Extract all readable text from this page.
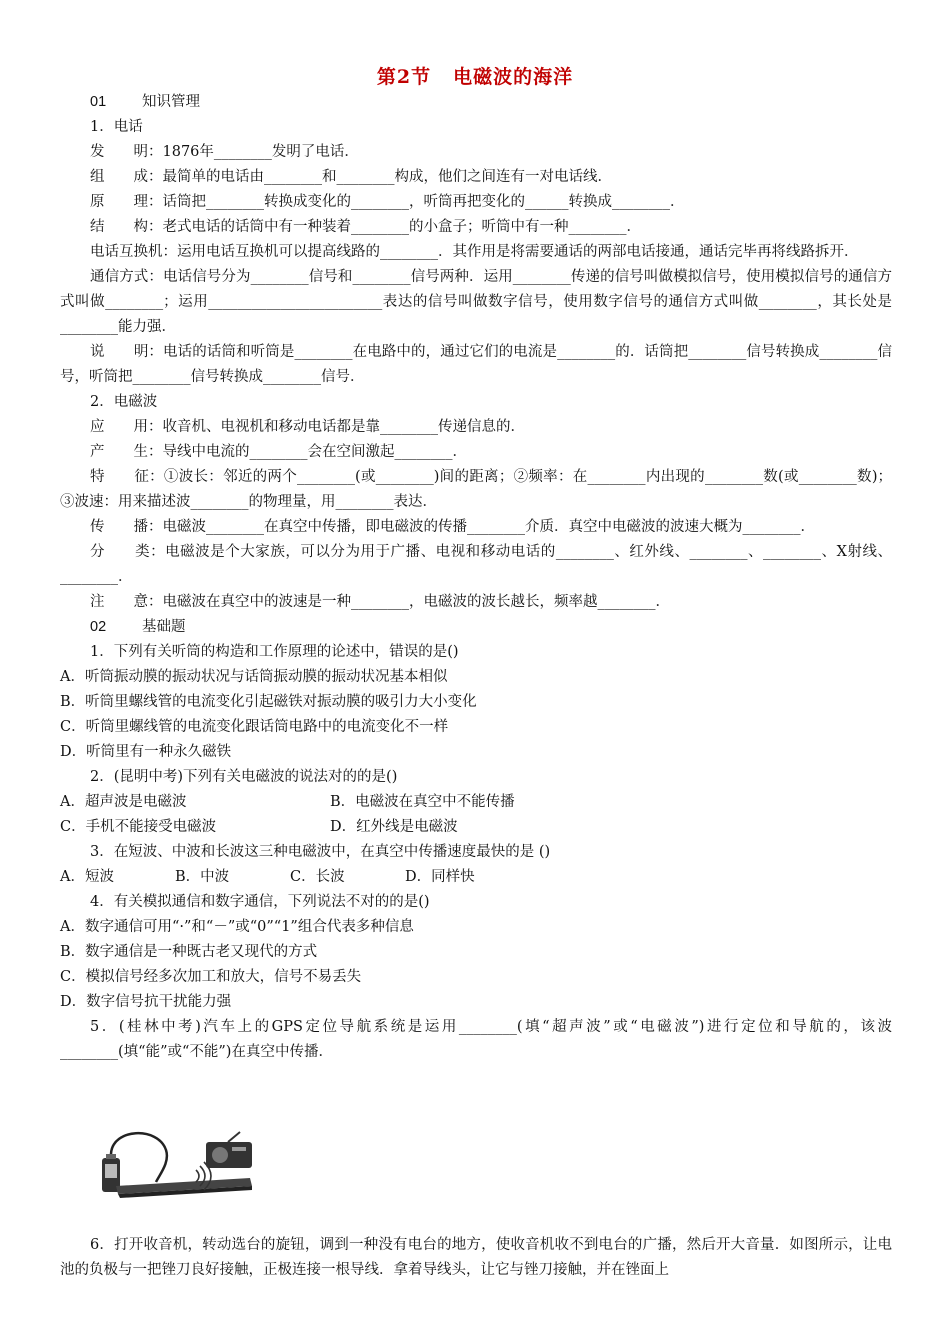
第2节 电磁波的海洋
01 知识管理
1．电话
发　　明：1876年________发明了电话．
组　　成：最简单的电话由________和________构成，他们之间连有一对电话线．
原　　理：话筒把________转换成变化的________，听筒再把变化的______转换成________．
结　　构：老式电话的话筒中有一种装着________的小盒子；听筒中有一种________．
电话互换机：运用电话互换机可以提高线路的________．其作用是将需要通话的两部电话接通，通话完毕再将线路拆开．
通信方式：电话信号分为________信号和________信号两种．运用________传递的信号叫做模拟信号，使用模拟信号的通信方式叫做________；运用________________________表达的信号叫做数字信号，使用数字信号的通信方式叫做________，其长处是________能力强．
说　　明：电话的话筒和听筒是________在电路中的，通过它们的电流是________的．话筒把________信号转换成________信号，听筒把________信号转换成________信号．
2．电磁波
应　　用：收音机、电视机和移动电话都是靠________传递信息的．
产　　生：导线中电流的________会在空间激起________．
特　　征：①波长：邻近的两个________(或________)间的距离；②频率：在________内出现的________数(或________数)；③波速：用来描述波________的物理量，用________表达．
传　　播：电磁波________在真空中传播，即电磁波的传播________介质．真空中电磁波的波速大概为________．
分　　类：电磁波是个大家族，可以分为用于广播、电视和移动电话的________、红外线、________、________、X射线、________．
注　　意：电磁波在真空中的波速是一种________，电磁波的波长越长，频率越________．
02 基础题
1．下列有关听筒的构造和工作原理的论述中，错误的是()
A．听筒振动膜的振动状况与话筒振动膜的振动状况基本相似
B．听筒里螺线管的电流变化引起磁铁对振动膜的吸引力大小变化
C．听筒里螺线管的电流变化跟话筒电路中的电流变化不一样
D．听筒里有一种永久磁铁
2．(昆明中考)下列有关电磁波的说法对的的是()
A．超声波是电磁波	B．电磁波在真空中不能传播
C．手机不能接受电磁波	D．红外线是电磁波
3．在短波、中波和长波这三种电磁波中，在真空中传播速度最快的是 ()
A．短波	B．中波	C．长波	D．同样快
4．有关模拟通信和数字通信，下列说法不对的的是()
A．数字通信可用“·”和“－”或“0”“1”组合代表多种信息
B．数字通信是一种既古老又现代的方式
C．模拟信号经多次加工和放大，信号不易丢失
D．数字信号抗干扰能力强
5．(桂林中考)汽车上的GPS定位导航系统是运用________(填“超声波”或“电磁波”)进行定位和导航的，该波________(填“能”或“不能”)在真空中传播．
6．打开收音机，转动选台的旋钮，调到一种没有电台的地方，使收音机收不到电台的广播，然后开大音量．如图所示，让电池的负极与一把锉刀良好接触，正极连接一根导线．拿着导线头，让它与锉刀接触，并在锉面上
